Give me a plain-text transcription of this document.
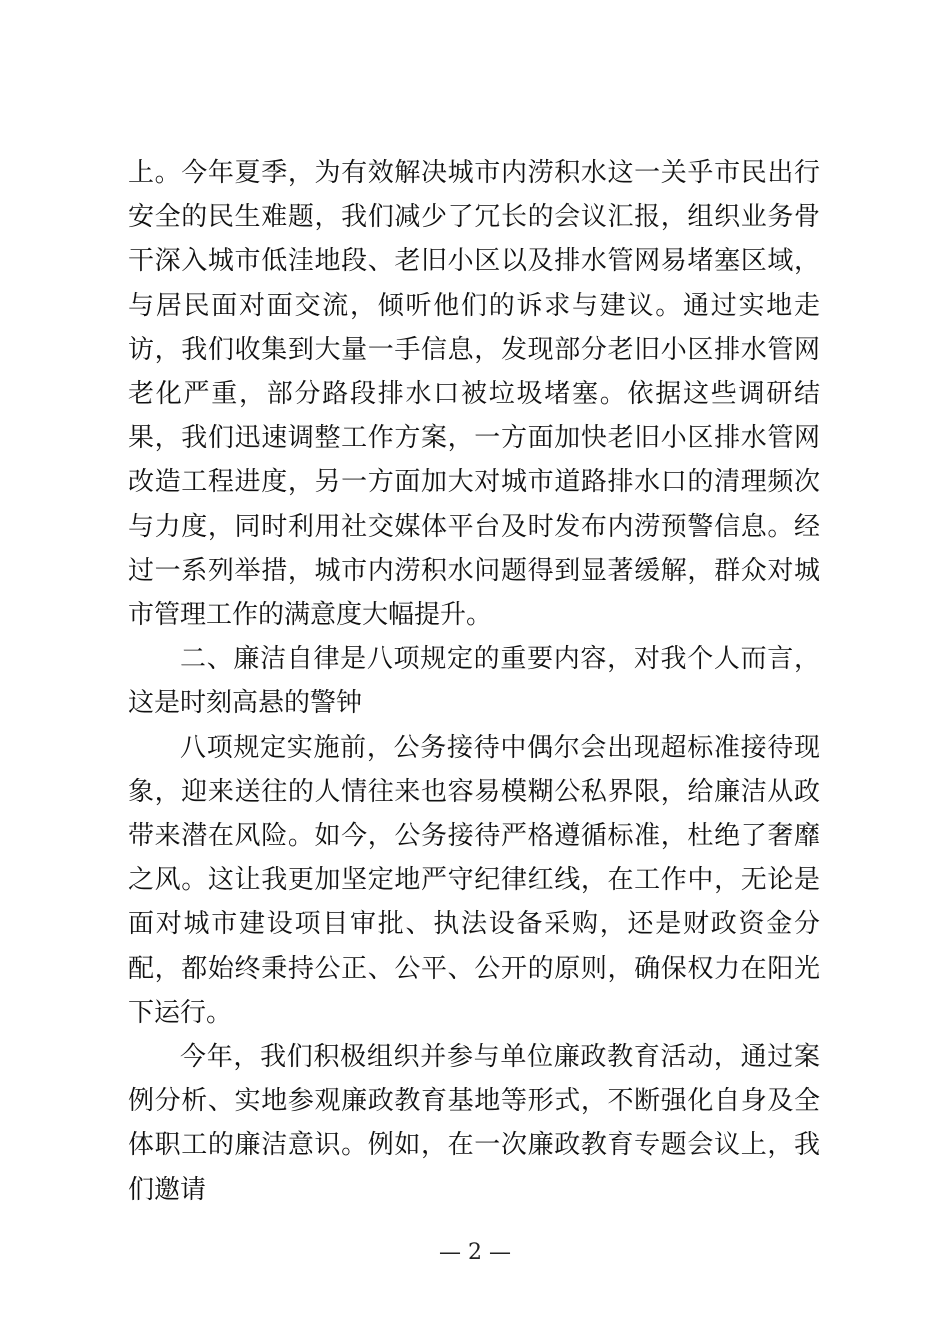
上。今年夏季，为有效解决城市内涝积水这一关乎市民出行安全的民生难题，我们减少了冗长的会议汇报，组织业务骨干深入城市低洼地段、老旧小区以及排水管网易堵塞区域，与居民面对面交流，倾听他们的诉求与建议。通过实地走访，我们收集到大量一手信息，发现部分老旧小区排水管网老化严重，部分路段排水口被垃圾堵塞。依据这些调研结果，我们迅速调整工作方案，一方面加快老旧小区排水管网改造工程进度，另一方面加大对城市道路排水口的清理频次与力度，同时利用社交媒体平台及时发布内涝预警信息。经过一系列举措，城市内涝积水问题得到显著缓解，群众对城市管理工作的满意度大幅提升。

二、廉洁自律是八项规定的重要内容，对我个人而言，这是时刻高悬的警钟

八项规定实施前，公务接待中偶尔会出现超标准接待现象，迎来送往的人情往来也容易模糊公私界限，给廉洁从政带来潜在风险。如今，公务接待严格遵循标准，杜绝了奢靡之风。这让我更加坚定地严守纪律红线，在工作中，无论是面对城市建设项目审批、执法设备采购，还是财政资金分配，都始终秉持公正、公平、公开的原则，确保权力在阳光下运行。

今年，我们积极组织并参与单位廉政教育活动，通过案例分析、实地参观廉政教育基地等形式，不断强化自身及全体职工的廉洁意识。例如，在一次廉政教育专题会议上，我们邀请

— 2 —
